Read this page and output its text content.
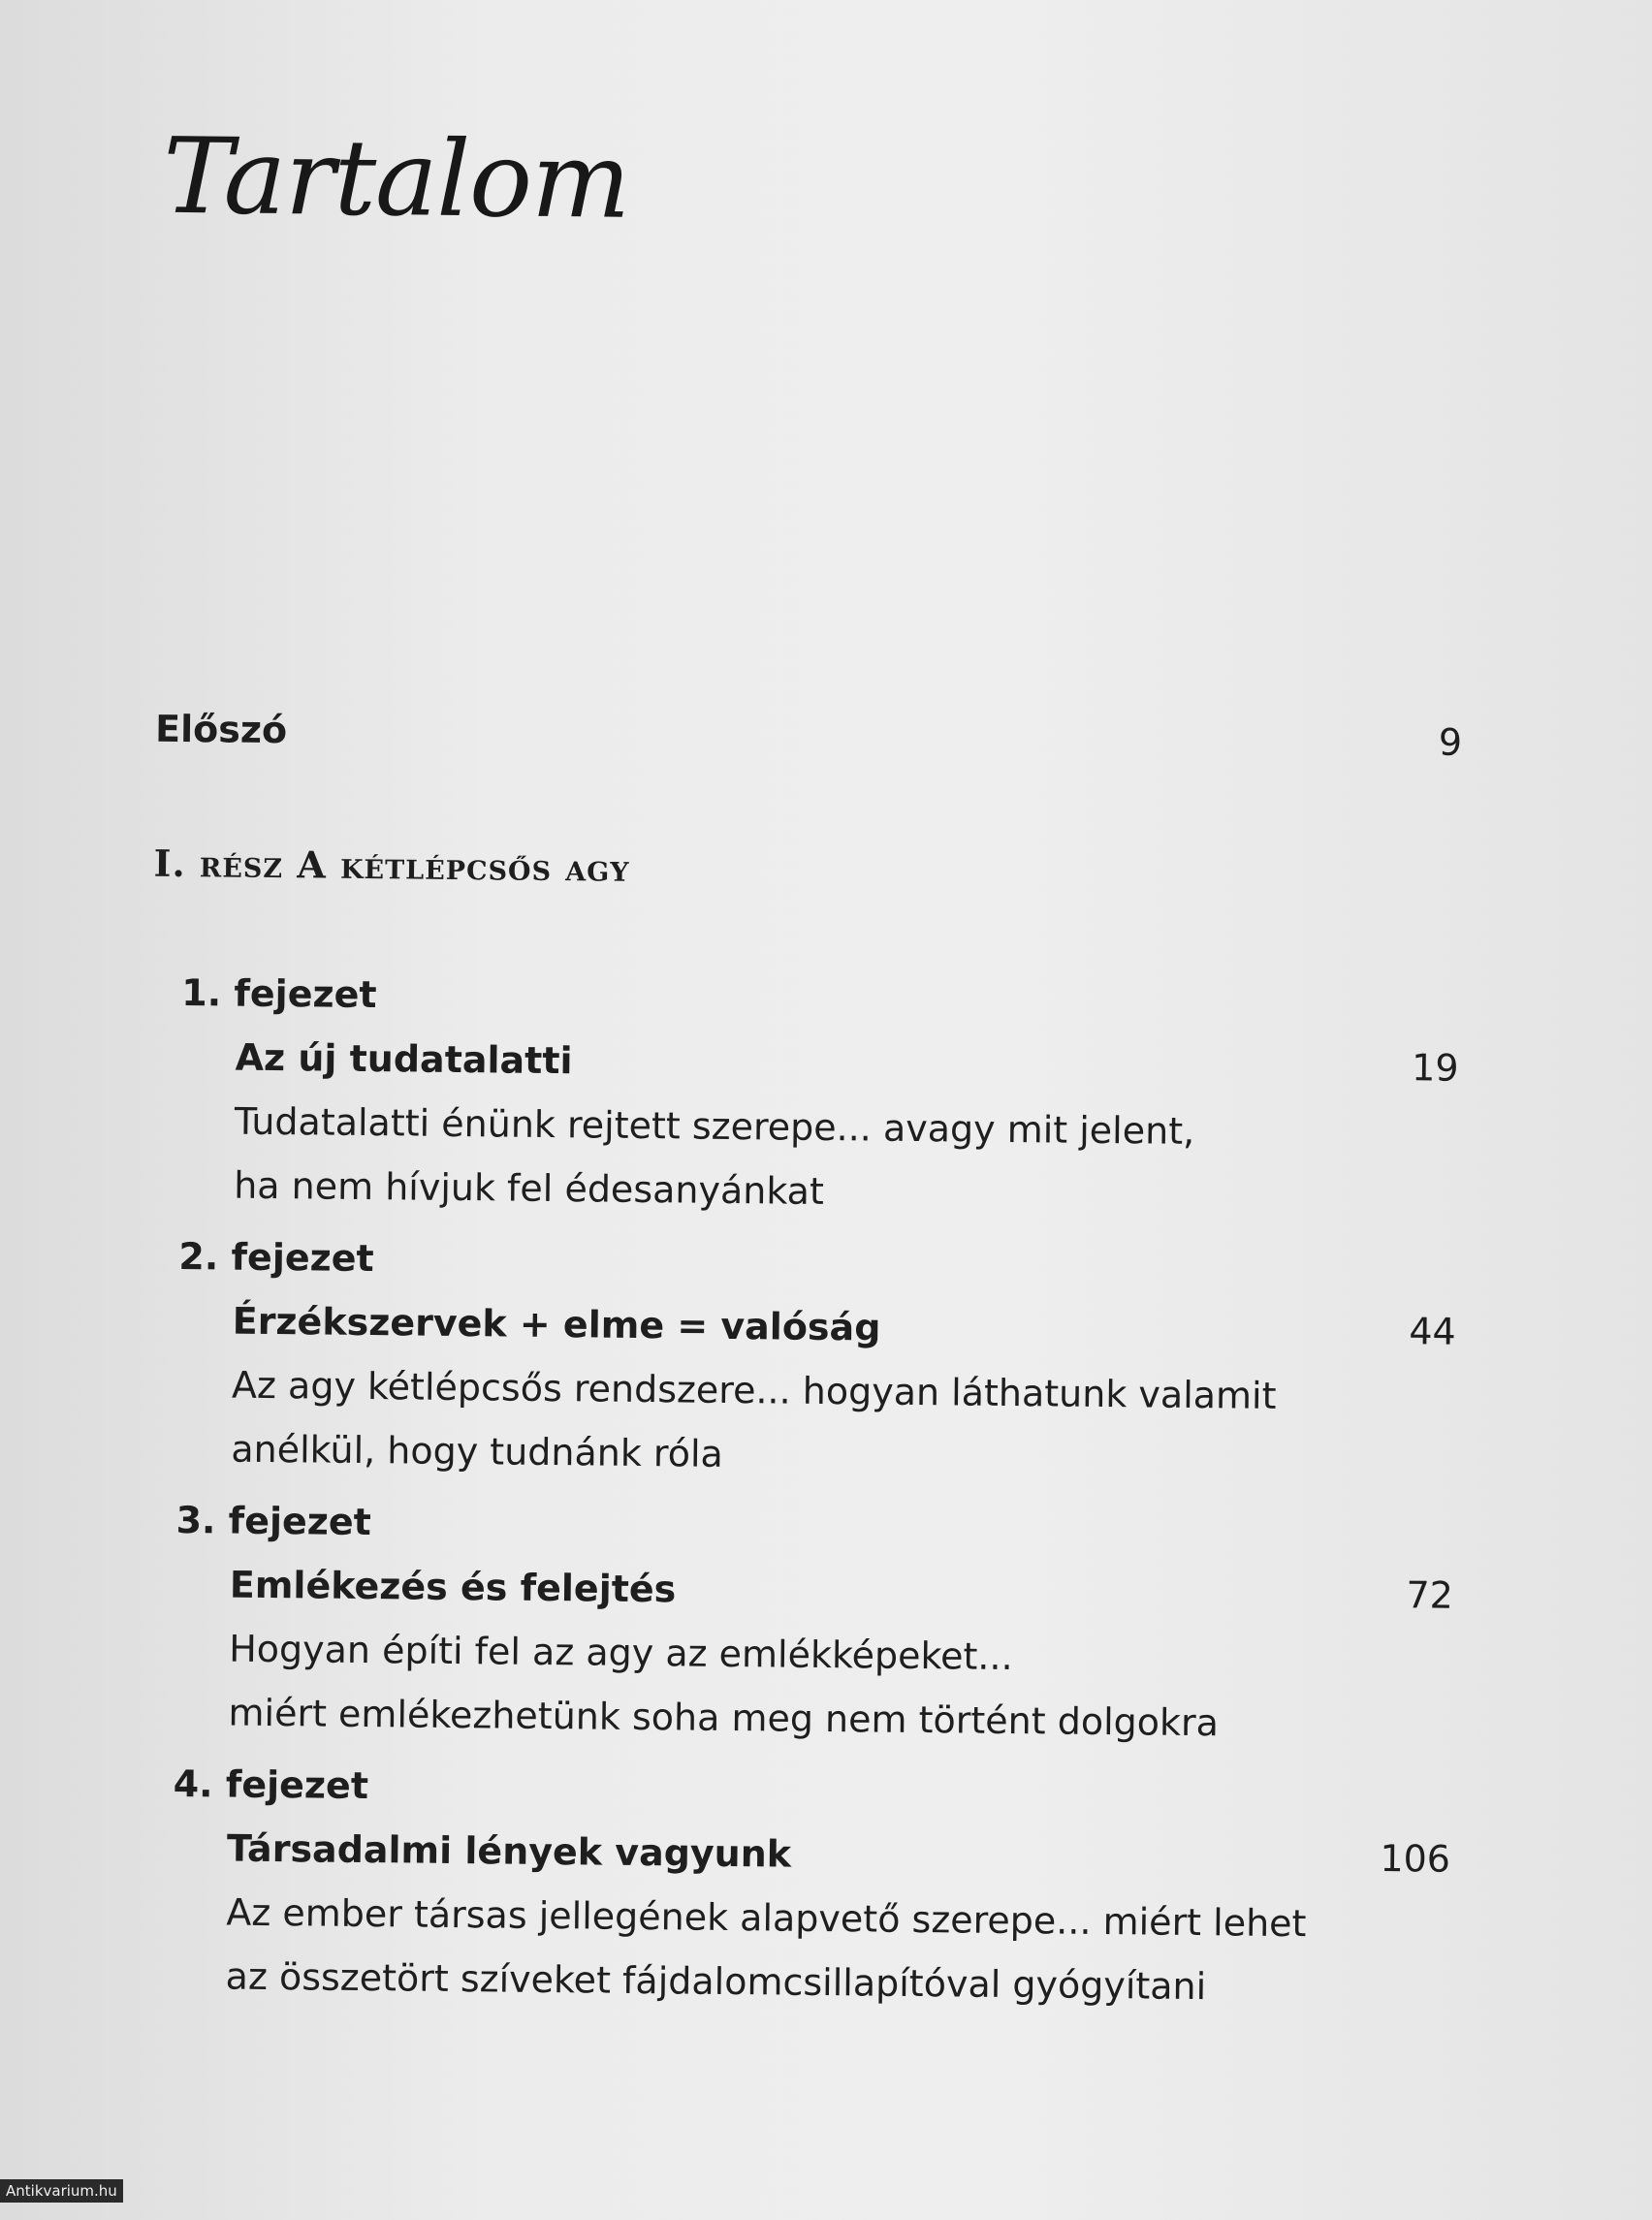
Tartalom
Előszó	9
I. rész A kétlépcsős agy
1. fejezet
Az új tudatalatti	19
Tudatalatti énünk rejtett szerepe... avagy mit jelent,
ha nem hívjuk fel édesanyánkat
2. fejezet
Érzékszervek + elme = valóság	44
Az agy kétlépcsős rendszere... hogyan láthatunk valamit
anélkül, hogy tudnánk róla
3. fejezet
Emlékezés és felejtés	72
Hogyan építi fel az agy az emlékképeket...
miért emlékezhetünk soha meg nem történt dolgokra
4. fejezet
Társadalmi lények vagyunk	106
Az ember társas jellegének alapvető szerepe... miért lehet
az összetört szíveket fájdalomcsillapítóval gyógyítani
Antikvarium.hu
